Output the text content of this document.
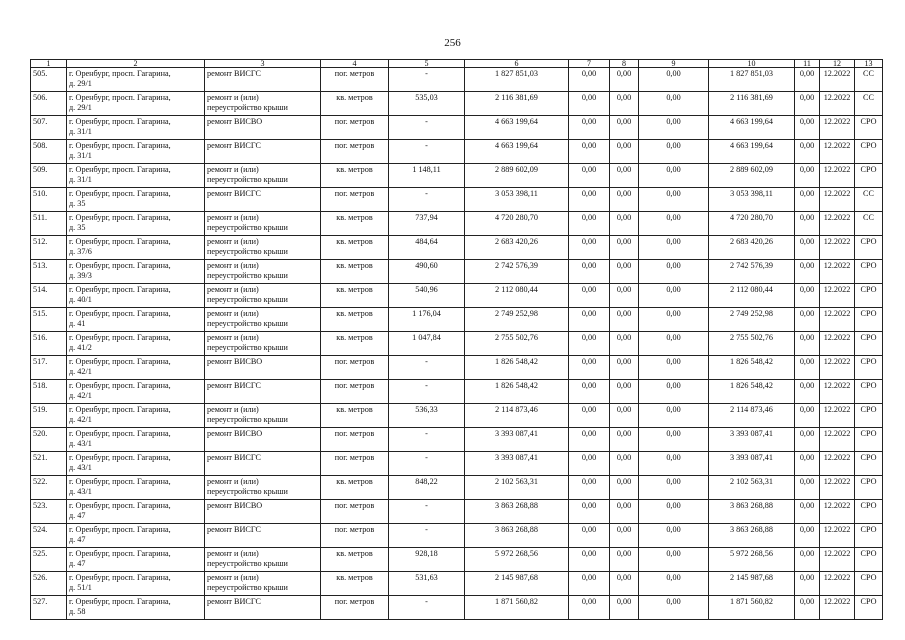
256
1	2	3	4	5	6	7	8	9	10	11	12	13
505.	г. Оренбург, просп. Гагарина,
д. 29/1	ремонт ВИСГС	пог. метров	-	1 827 851,03	0,00	0,00	0,00	1 827 851,03	0,00	12.2022	СС
506.	г. Оренбург, просп. Гагарина,
д. 29/1	ремонт и (или)
переустройство крыши	кв. метров	535,03	2 116 381,69	0,00	0,00	0,00	2 116 381,69	0,00	12.2022	СС
507.	г. Оренбург, просп. Гагарина,
д. 31/1	ремонт ВИСВО	пог. метров	-	4 663 199,64	0,00	0,00	0,00	4 663 199,64	0,00	12.2022	СРО
508.	г. Оренбург, просп. Гагарина,
д. 31/1	ремонт ВИСГС	пог. метров	-	4 663 199,64	0,00	0,00	0,00	4 663 199,64	0,00	12.2022	СРО
509.	г. Оренбург, просп. Гагарина,
д. 31/1	ремонт и (или)
переустройство крыши	кв. метров	1 148,11	2 889 602,09	0,00	0,00	0,00	2 889 602,09	0,00	12.2022	СРО
510.	г. Оренбург, просп. Гагарина,
д. 35	ремонт ВИСГС	пог. метров	-	3 053 398,11	0,00	0,00	0,00	3 053 398,11	0,00	12.2022	СС
511.	г. Оренбург, просп. Гагарина,
д. 35	ремонт и (или)
переустройство крыши	кв. метров	737,94	4 720 280,70	0,00	0,00	0,00	4 720 280,70	0,00	12.2022	СС
512.	г. Оренбург, просп. Гагарина,
д. 37/6	ремонт и (или)
переустройство крыши	кв. метров	484,64	2 683 420,26	0,00	0,00	0,00	2 683 420,26	0,00	12.2022	СРО
513.	г. Оренбург, просп. Гагарина,
д. 39/3	ремонт и (или)
переустройство крыши	кв. метров	490,60	2 742 576,39	0,00	0,00	0,00	2 742 576,39	0,00	12.2022	СРО
514.	г. Оренбург, просп. Гагарина,
д. 40/1	ремонт и (или)
переустройство крыши	кв. метров	540,96	2 112 080,44	0,00	0,00	0,00	2 112 080,44	0,00	12.2022	СРО
515.	г. Оренбург, просп. Гагарина,
д. 41	ремонт и (или)
переустройство крыши	кв. метров	1 176,04	2 749 252,98	0,00	0,00	0,00	2 749 252,98	0,00	12.2022	СРО
516.	г. Оренбург, просп. Гагарина,
д. 41/2	ремонт и (или)
переустройство крыши	кв. метров	1 047,84	2 755 502,76	0,00	0,00	0,00	2 755 502,76	0,00	12.2022	СРО
517.	г. Оренбург, просп. Гагарина,
д. 42/1	ремонт ВИСВО	пог. метров	-	1 826 548,42	0,00	0,00	0,00	1 826 548,42	0,00	12.2022	СРО
518.	г. Оренбург, просп. Гагарина,
д. 42/1	ремонт ВИСГС	пог. метров	-	1 826 548,42	0,00	0,00	0,00	1 826 548,42	0,00	12.2022	СРО
519.	г. Оренбург, просп. Гагарина,
д. 42/1	ремонт и (или)
переустройство крыши	кв. метров	536,33	2 114 873,46	0,00	0,00	0,00	2 114 873,46	0,00	12.2022	СРО
520.	г. Оренбург, просп. Гагарина,
д. 43/1	ремонт ВИСВО	пог. метров	-	3 393 087,41	0,00	0,00	0,00	3 393 087,41	0,00	12.2022	СРО
521.	г. Оренбург, просп. Гагарина,
д. 43/1	ремонт ВИСГС	пог. метров	-	3 393 087,41	0,00	0,00	0,00	3 393 087,41	0,00	12.2022	СРО
522.	г. Оренбург, просп. Гагарина,
д. 43/1	ремонт и (или)
переустройство крыши	кв. метров	848,22	2 102 563,31	0,00	0,00	0,00	2 102 563,31	0,00	12.2022	СРО
523.	г. Оренбург, просп. Гагарина,
д. 47	ремонт ВИСВО	пог. метров	-	3 863 268,88	0,00	0,00	0,00	3 863 268,88	0,00	12.2022	СРО
524.	г. Оренбург, просп. Гагарина,
д. 47	ремонт ВИСГС	пог. метров	-	3 863 268,88	0,00	0,00	0,00	3 863 268,88	0,00	12.2022	СРО
525.	г. Оренбург, просп. Гагарина,
д. 47	ремонт и (или)
переустройство крыши	кв. метров	928,18	5 972 268,56	0,00	0,00	0,00	5 972 268,56	0,00	12.2022	СРО
526.	г. Оренбург, просп. Гагарина,
д. 51/1	ремонт и (или)
переустройство крыши	кв. метров	531,63	2 145 987,68	0,00	0,00	0,00	2 145 987,68	0,00	12.2022	СРО
527.	г. Оренбург, просп. Гагарина,
д. 58	ремонт ВИСГС	пог. метров	-	1 871 560,82	0,00	0,00	0,00	1 871 560,82	0,00	12.2022	СРО
